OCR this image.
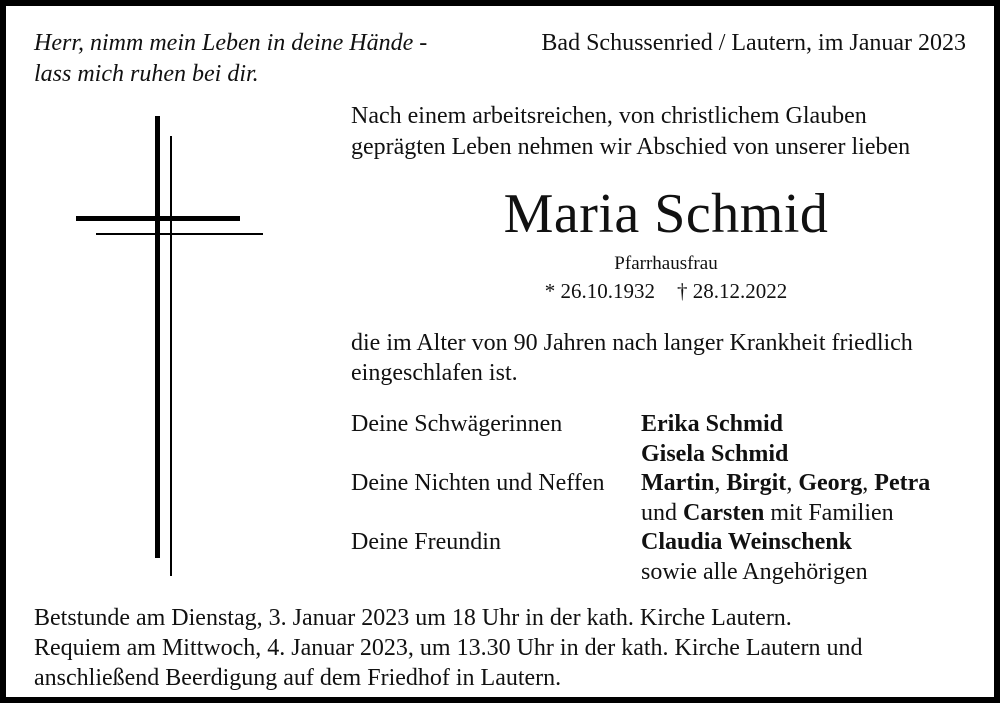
Herr, nimm mein Leben in deine Hände -
lass mich ruhen bei dir.
Bad Schussenried / Lautern, im Januar 2023
Nach einem arbeitsreichen, von christlichem Glauben
geprägten Leben nehmen wir Abschied von unserer lieben
Maria Schmid
Pfarrhausfrau
* 26.10.1932 † 28.12.2022
die im Alter von 90 Jahren nach langer Krankheit friedlich
eingeschlafen ist.
Deine Schwägerinnen	Erika Schmid
Gisela Schmid
Deine Nichten und Neffen Martin, Birgit, Georg, Petra
und Carsten mit Familien
Deine Freundin	Claudia Weinschenk
sowie alle Angehörigen
Betstunde am Dienstag, 3. Januar 2023 um 18 Uhr in der kath. Kirche Lautern.
Requiem am Mittwoch, 4. Januar 2023, um 13.30 Uhr in der kath. Kirche Lautern und
anschließend Beerdigung auf dem Friedhof in Lautern.
